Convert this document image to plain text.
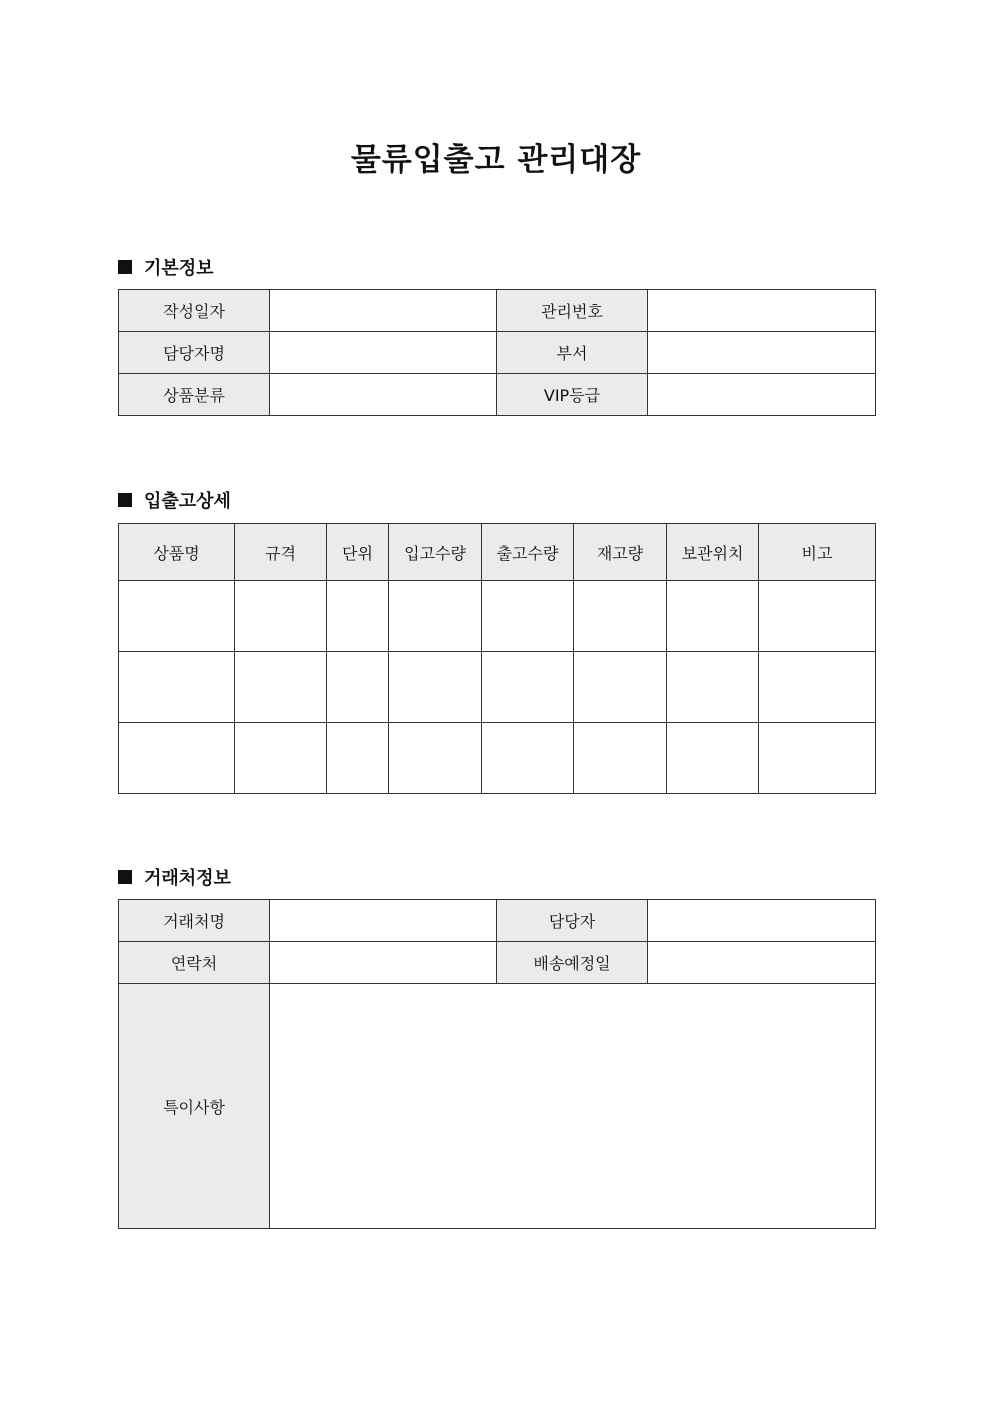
물류입출고 관리대장
기본정보
작성일자		관리번호	
담당자명		부서	
상품분류		VIP등급	
입출고상세
상품명	규격	단위	입고수량	출고수량	재고량	보관위치	비고

거래처정보
거래처명		담당자	
연락처		배송예정일	
특이사항			
